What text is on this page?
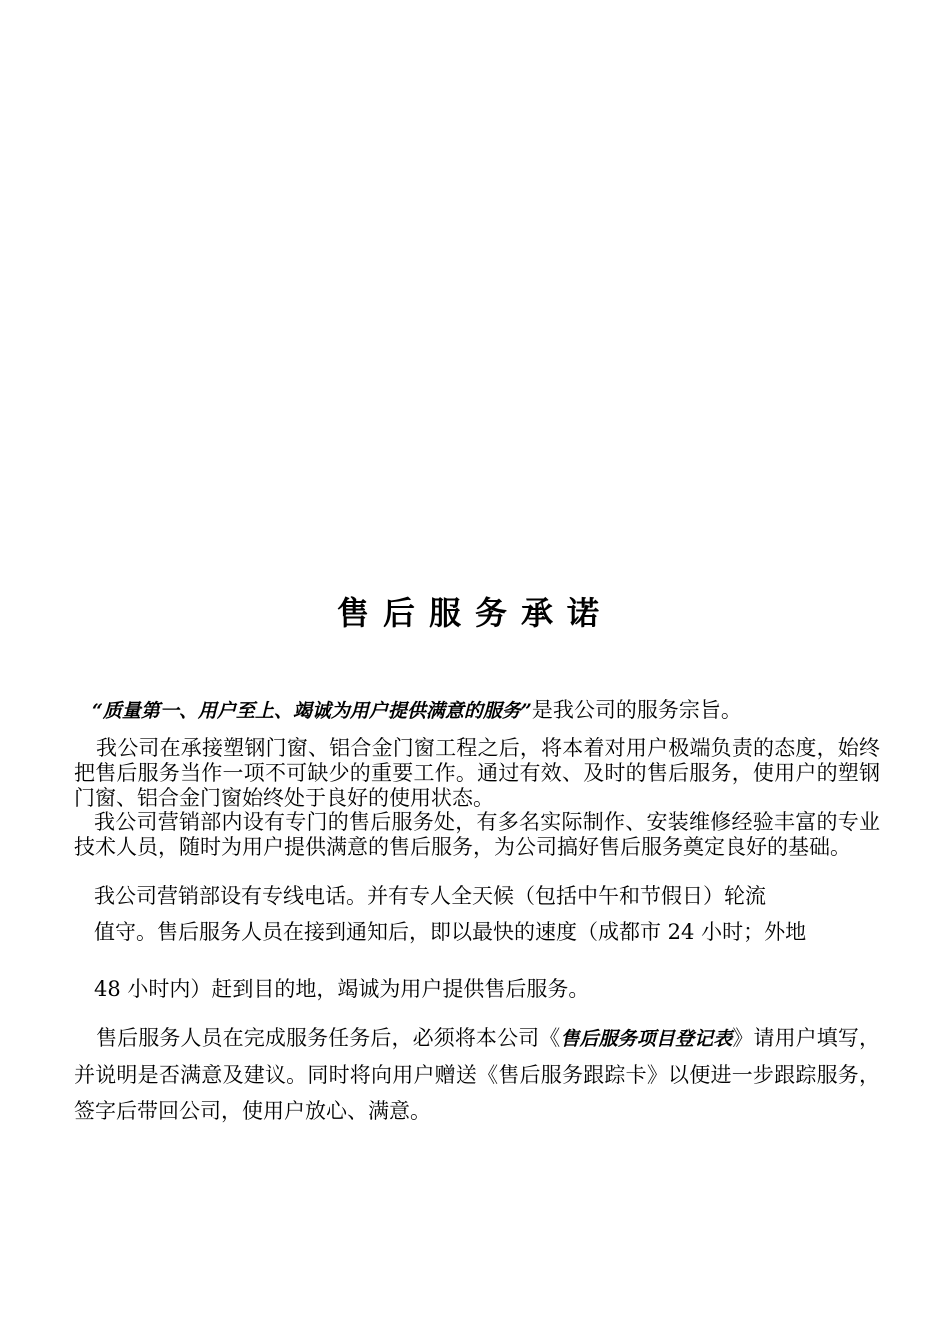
售后服务承诺
“质量第一、用户至上、竭诚为用户提供满意的服务”是我公司的服务宗旨。
我公司在承接塑钢门窗、铝合金门窗工程之后，将本着对用户极端负责的态度，始终把售后服务当作一项不可缺少的重要工作。通过有效、及时的售后服务，使用户的塑钢门窗、铝合金门窗始终处于良好的使用状态。
我公司营销部内设有专门的售后服务处，有多名实际制作、安装维修经验丰富的专业技术人员，随时为用户提供满意的售后服务，为公司搞好售后服务奠定良好的基础。
我公司营销部设有专线电话。并有专人全天候（包括中午和节假日）轮流
值守。售后服务人员在接到通知后，即以最快的速度（成都市 24 小时；外地
48 小时内）赶到目的地，竭诚为用户提供售后服务。
售后服务人员在完成服务任务后，必须将本公司《售后服务项目登记表》请用户填写，并说明是否满意及建议。同时将向用户赠送《售后服务跟踪卡》以便进一步跟踪服务，签字后带回公司，使用户放心、满意。
